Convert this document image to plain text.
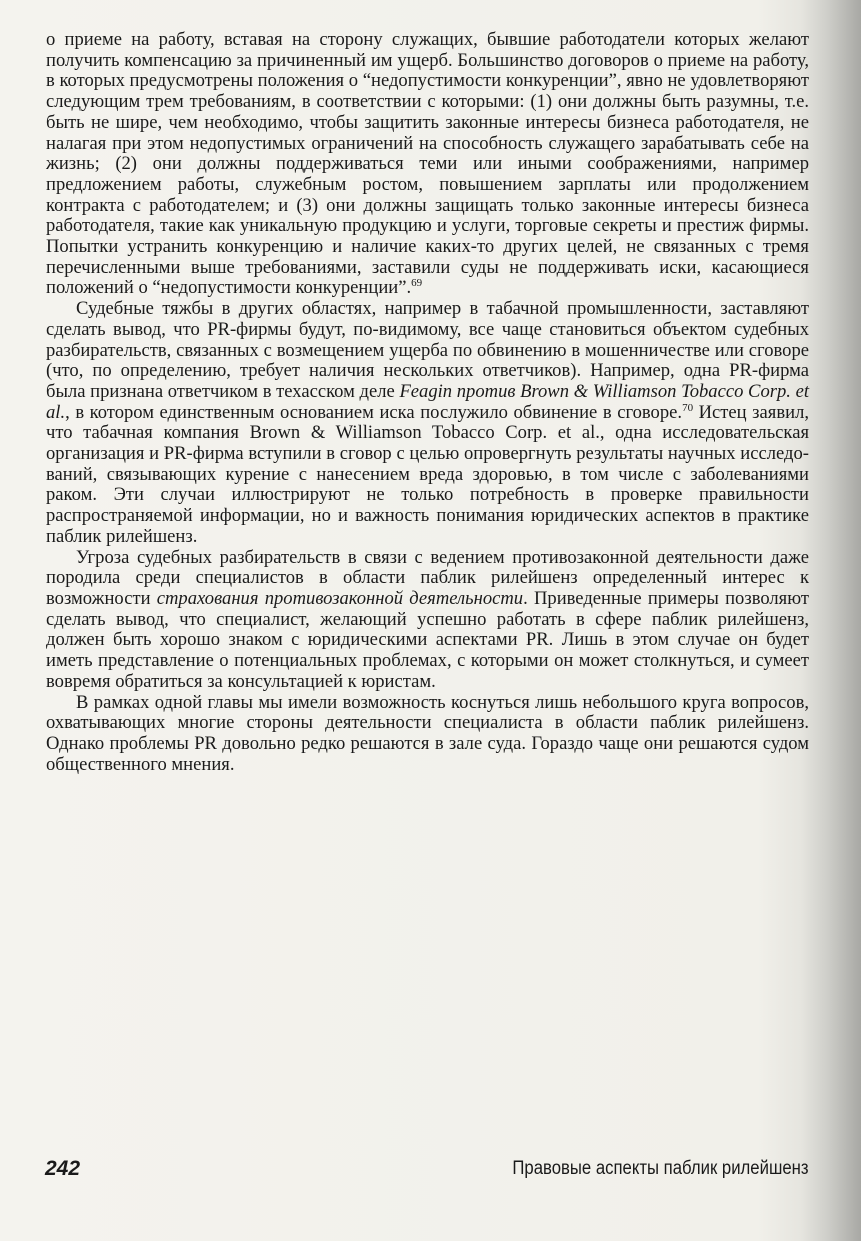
о приеме на работу, вставая на сторону служащих, бывшие работодатели которых желают получить компенсацию за причиненный им ущерб. Большинство договоров о приеме на работу, в которых предусмотрены положения о “недопустимости конкуренции”, явно не удовлетворяют следующим трем требованиям, в соответствии с которыми: (1) они должны быть разумны, т.е. быть не шире, чем необходимо, чтобы защитить законные интересы бизнеса работодателя, не налагая при этом недопустимых ограничений на способность служащего зарабатывать себе на жизнь; (2) они должны поддерживаться теми или иными соображениями, например предложением работы, служебным ростом, повышением зарплаты или продолжением контракта с работодателем; и (3) они должны защищать только законные интересы бизнеса работодателя, такие как уникальную продукцию и услуги, торговые секреты и престиж фирмы. Попытки устранить конкуренцию и наличие каких-то других целей, не связанных с тремя перечисленными выше требованиями, заставили суды не поддерживать иски, касающиеся положений о “недопустимости конкуренции”.$^{69}$

Судебные тяжбы в других областях, например в табачной промышленности, заставляют сделать вывод, что PR-фирмы будут, по-видимому, все чаще становиться объектом судебных разбирательств, связанных с возмещением ущерба по обвинению в мошенничестве или сговоре (что, по определению, требует наличия нескольких ответчиков). Например, одна PR-фирма была признана ответчиком в техасском деле Feagin против Brown & Williamson Tobacco Corp. et al., в котором единственным основанием иска послужило обвинение в сговоре.$^{70}$ Истец заявил, что табачная компания Brown & Williamson Tobacco Corp. et al., одна исследовательская организация и PR-фирма вступили в сговор с целью опровергнуть результаты научных исследований, связывающих курение с нанесением вреда здоровью, в том числе с заболеваниями раком. Эти случаи иллюстрируют не только потребность в проверке правильности распространяемой информации, но и важность понимания юридических аспектов в практике паблик рилейшенз.

Угроза судебных разбирательств в связи с ведением противозаконной деятельности даже породила среди специалистов в области паблик рилейшенз определенный интерес к возможности страхования противозаконной деятельности. Приведенные примеры позволяют сделать вывод, что специалист, желающий успешно работать в сфере паблик рилейшенз, должен быть хорошо знаком с юридическими аспектами PR. Лишь в этом случае он будет иметь представление о потенциальных проблемах, с которыми он может столкнуться, и сумеет вовремя обратиться за консультацией к юристам.

В рамках одной главы мы имели возможность коснуться лишь небольшого круга вопросов, охватывающих многие стороны деятельности специалиста в области паблик рилейшенз. Однако проблемы PR довольно редко решаются в зале суда. Гораздо чаще они решаются судом общественного мнения.

242	Правовые аспекты паблик рилейшенз
